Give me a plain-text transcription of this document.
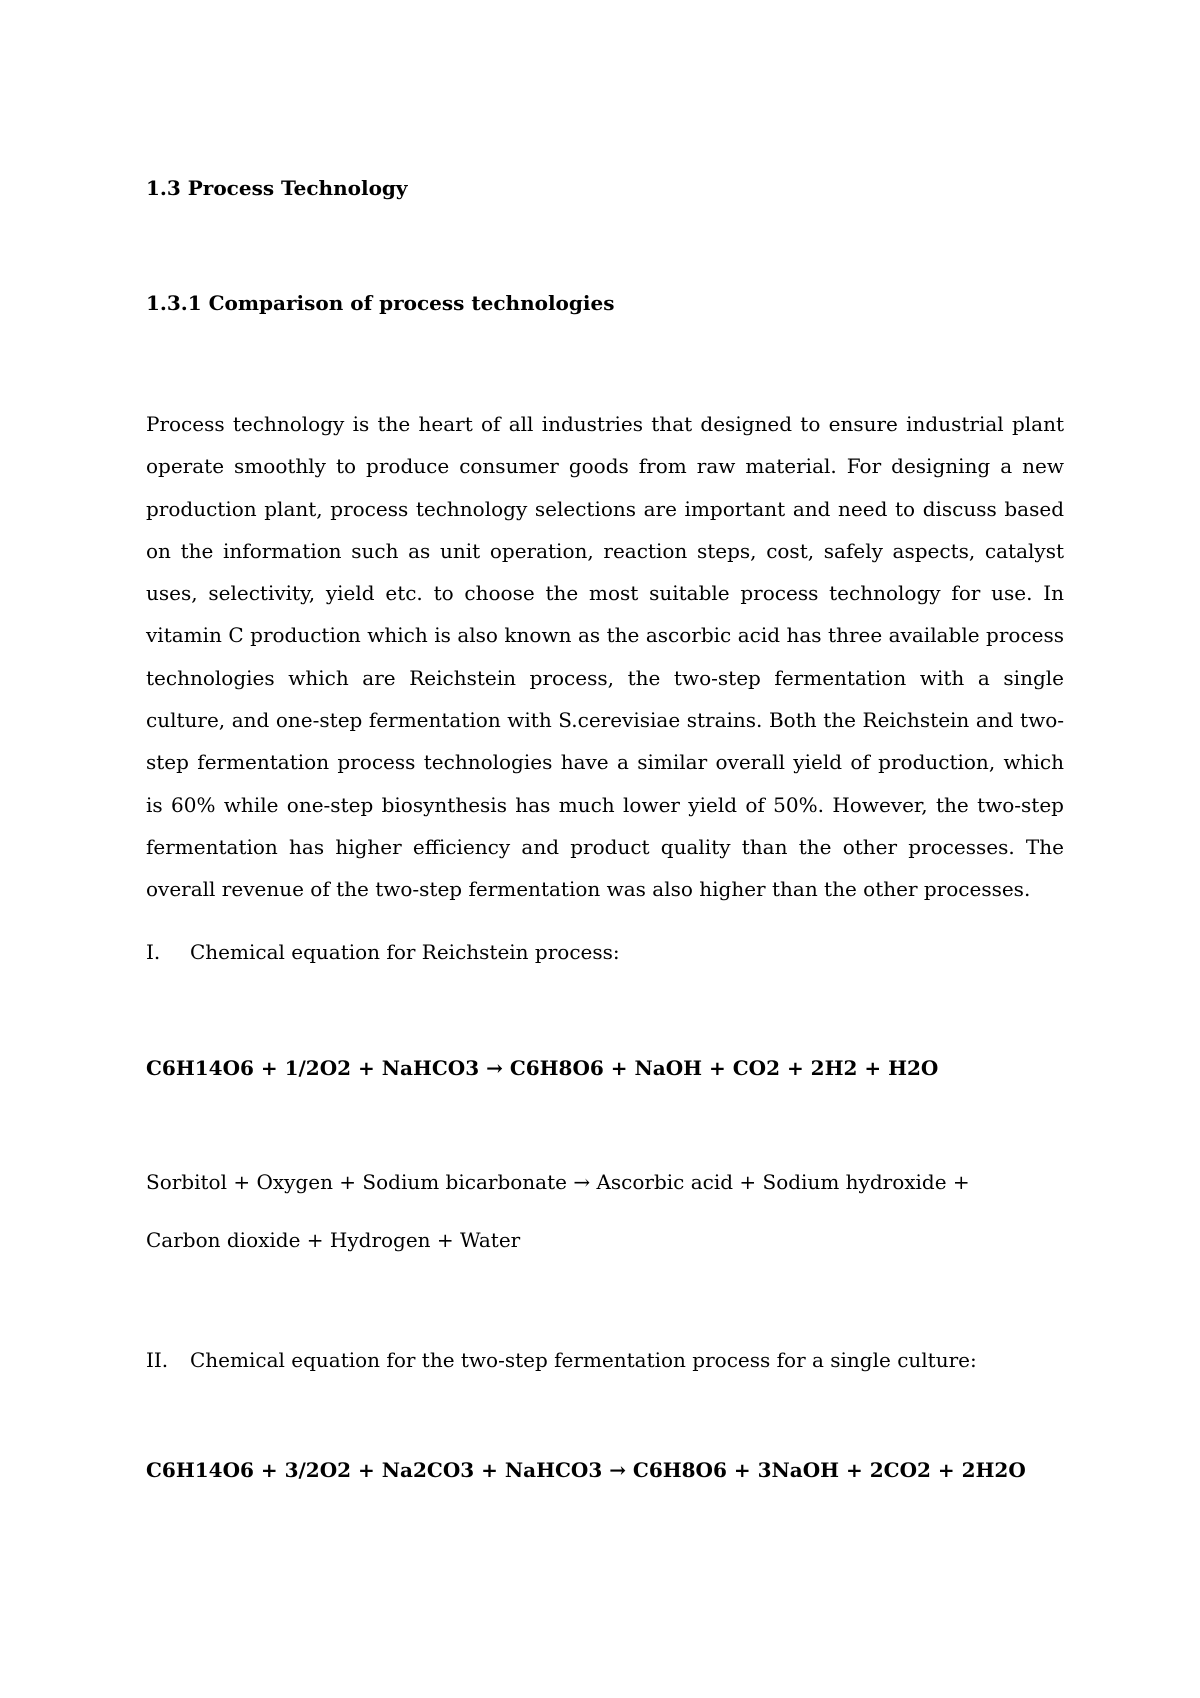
1.3 Process Technology
1.3.1 Comparison of process technologies

Process technology is the heart of all industries that designed to ensure industrial plant operate smoothly to produce consumer goods from raw material. For designing a new production plant, process technology selections are important and need to discuss based on the information such as unit operation, reaction steps, cost, safely aspects, catalyst uses, selectivity, yield etc. to choose the most suitable process technology for use. In vitamin C production which is also known as the ascorbic acid has three available process technologies which are Reichstein process, the two-step fermentation with a single culture, and one-step fermentation with S.cerevisiae strains. Both the Reichstein and two-step fermentation process technologies have a similar overall yield of production, which is 60% while one-step biosynthesis has much lower yield of 50%. However, the two-step fermentation has higher efficiency and product quality than the other processes. The overall revenue of the two-step fermentation was also higher than the other processes.

I. Chemical equation for Reichstein process:
C6H14O6 + 1/2O2 + NaHCO3 → C6H8O6 + NaOH + CO2 + 2H2 + H2O
Sorbitol + Oxygen + Sodium bicarbonate → Ascorbic acid + Sodium hydroxide +
Carbon dioxide + Hydrogen + Water
II. Chemical equation for the two-step fermentation process for a single culture:
C6H14O6 + 3/2O2 + Na2CO3 + NaHCO3 → C6H8O6 + 3NaOH + 2CO2 + 2H2O
